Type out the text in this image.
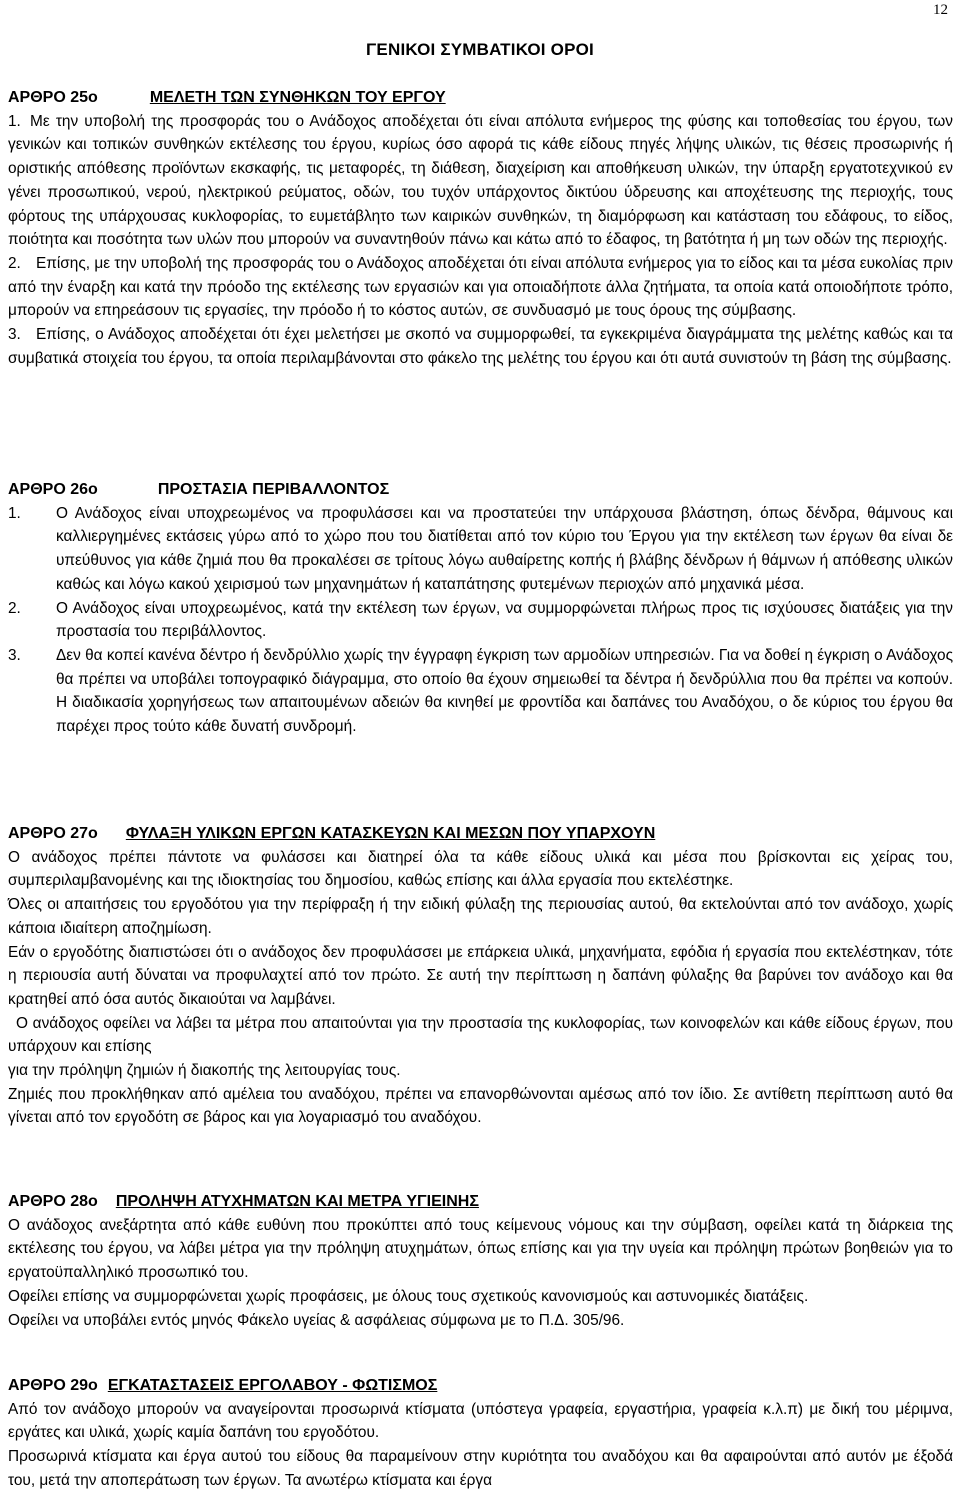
12
ΓΕΝΙΚΟΙ ΣΥΜΒΑΤΙΚΟΙ ΟΡΟΙ
ΑΡΘΡΟ 25ο	ΜΕΛΕΤΗ ΤΩΝ ΣΥΝΘΗΚΩΝ ΤΟΥ ΕΡΓΟΥ
1. Με την υποβολή της προσφοράς του ο Ανάδοχος αποδέχεται ότι είναι απόλυτα ενήμερος της φύσης και τοποθεσίας του έργου, των γενικών και τοπικών συνθηκών εκτέλεσης του έργου, κυρίως όσο αφορά τις κάθε είδους πηγές λήψης υλικών, τις θέσεις προσωρινής ή οριστικής απόθεσης προϊόντων εκσκαφής, τις μεταφορές, τη διάθεση, διαχείριση και αποθήκευση υλικών, την ύπαρξη εργατοτεχνικού εν γένει προσωπικού, νερού, ηλεκτρικού ρεύματος, οδών, του τυχόν υπάρχοντος δικτύου ύδρευσης και αποχέτευσης της περιοχής, τους φόρτους της υπάρχουσας κυκλοφορίας, το ευμετάβλητο των καιρικών συνθηκών, τη διαμόρφωση και κατάσταση του εδάφους, το είδος, ποιότητα και ποσότητα των υλών που μπορούν να συναντηθούν πάνω και κάτω από το έδαφος, τη βατότητα ή μη των οδών της περιοχής.
2. Επίσης, με την υποβολή της προσφοράς του ο Ανάδοχος αποδέχεται ότι είναι απόλυτα ενήμερος για το είδος και τα μέσα ευκολίας πριν από την έναρξη και κατά την πρόοδο της εκτέλεσης των εργασιών και για οποιαδήποτε άλλα ζητήματα, τα οποία κατά οποιοδήποτε τρόπο, μπορούν να επηρεάσουν τις εργασίες, την πρόοδο ή το κόστος αυτών, σε συνδυασμό με τους όρους της σύμβασης.
3. Επίσης, ο Ανάδοχος αποδέχεται ότι έχει μελετήσει με σκοπό να συμμορφωθεί, τα εγκεκριμένα διαγράμματα της μελέτης καθώς και τα συμβατικά στοιχεία του έργου, τα οποία περιλαμβάνονται στο φάκελο της μελέτης του έργου και ότι αυτά συνιστούν τη βάση της σύμβασης.
ΑΡΘΡΟ 26ο	ΠΡΟΣΤΑΣΙΑ ΠΕΡΙΒΑΛΛΟΝΤΟΣ
1.	Ο Ανάδοχος είναι υποχρεωμένος να προφυλάσσει και να προστατεύει την υπάρχουσα βλάστηση, όπως δένδρα, θάμνους και καλλιεργημένες εκτάσεις γύρω από το χώρο που του διατίθεται από τον κύριο του Έργου για την εκτέλεση των έργων θα είναι δε υπεύθυνος για κάθε ζημιά που θα προκαλέσει σε τρίτους λόγω αυθαίρετης κοπής ή βλάβης δένδρων ή θάμνων ή απόθεσης υλικών καθώς και λόγω κακού χειρισμού των μηχανημάτων ή καταπάτησης φυτεμένων περιοχών από μηχανικά μέσα.
2.	Ο Ανάδοχος είναι υποχρεωμένος, κατά την εκτέλεση των έργων, να συμμορφώνεται πλήρως προς τις ισχύουσες διατάξεις για την προστασία του περιβάλλοντος.
3.	Δεν θα κοπεί κανένα δέντρο ή δενδρύλλιο χωρίς την έγγραφη έγκριση των αρμοδίων υπηρεσιών. Για να δοθεί η έγκριση ο Ανάδοχος θα πρέπει να υποβάλει τοπογραφικό διάγραμμα, στο οποίο θα έχουν σημειωθεί τα δέντρα ή δενδρύλλια που θα πρέπει να κοπούν. Η διαδικασία χορηγήσεως των απαιτουμένων αδειών θα κινηθεί με φροντίδα και δαπάνες του Αναδόχου, ο δε κύριος του έργου θα παρέχει προς τούτο κάθε δυνατή συνδρομή.
ΑΡΘΡΟ 27ο ΦΥΛΑΞΗ ΥΛΙΚΩΝ ΕΡΓΩΝ ΚΑΤΑΣΚΕΥΩΝ ΚΑΙ ΜΕΣΩΝ ΠΟΥ ΥΠΑΡΧΟΥΝ

Ο ανάδοχος πρέπει πάντοτε να φυλάσσει και διατηρεί όλα τα κάθε είδους υλικά και μέσα που βρίσκονται εις χείρας του, συμπεριλαμβανομένης και της ιδιοκτησίας του δημοσίου, καθώς επίσης και άλλα εργασία που εκτελέστηκε.

Όλες οι απαιτήσεις του εργοδότου για την περίφραξη ή την ειδική φύλαξη της περιουσίας αυτού, θα εκτελούνται από τον ανάδοχο, χωρίς κάποια ιδιαίτερη αποζημίωση.

Εάν ο εργοδότης διαπιστώσει ότι ο ανάδοχος δεν προφυλάσσει με επάρκεια υλικά, μηχανήματα, εφόδια ή εργασία που εκτελέστηκαν, τότε η περιουσία αυτή δύναται να προφυλαχτεί από τον πρώτο. Σε αυτή την περίπτωση η δαπάνη φύλαξης θα βαρύνει τον ανάδοχο και θα κρατηθεί από όσα αυτός δικαιούται να λαμβάνει.

Ο ανάδοχος οφείλει να λάβει τα μέτρα που απαιτούνται για την προστασία της κυκλοφορίας, των κοινοφελών και κάθε είδους έργων, που υπάρχουν και επίσης

για την πρόληψη ζημιών ή διακοπής της λειτουργίας τους.

Ζημιές που προκλήθηκαν από αμέλεια του αναδόχου, πρέπει να επανορθώνονται αμέσως από τον ίδιο. Σε αντίθετη περίπτωση αυτό θα γίνεται από τον εργοδότη σε βάρος και για λογαριασμό του αναδόχου.

ΑΡΘΡΟ 28ο ΠΡΟΛΗΨΗ ΑΤΥΧΗΜΑΤΩΝ ΚΑΙ ΜΕΤΡΑ ΥΓΙΕΙΝΗΣ

Ο ανάδοχος ανεξάρτητα από κάθε ευθύνη που προκύπτει από τους κείμενους νόμους και την σύμβαση, οφείλει κατά τη διάρκεια της εκτέλεσης του έργου, να λάβει μέτρα για την πρόληψη ατυχημάτων, όπως επίσης και για την υγεία και πρόληψη πρώτων βοηθειών για το εργατοϋπαλληλικό προσωπικό του.

Οφείλει επίσης να συμμορφώνεται χωρίς προφάσεις, με όλους τους σχετικούς κανονισμούς και αστυνομικές διατάξεις.

Οφείλει να υποβάλει εντός μηνός Φάκελο υγείας & ασφάλειας σύμφωνα με το Π.Δ. 305/96.

ΑΡΘΡΟ 29ο ΕΓΚΑΤΑΣΤΑΣΕΙΣ ΕΡΓΟΛΑΒΟΥ - ΦΩΤΙΣΜΟΣ

Από τον ανάδοχο μπορούν να αναγείρονται προσωρινά κτίσματα (υπόστεγα γραφεία, εργαστήρια, γραφεία κ.λ.π) με δική του μέριμνα, εργάτες και υλικά, χωρίς καμία δαπάνη του εργοδότου.

Προσωρινά κτίσματα και έργα αυτού του είδους θα παραμείνουν στην κυριότητα του αναδόχου και θα αφαιρούνται από αυτόν με έξοδά του, μετά την αποπεράτωση των έργων. Τα ανωτέρω κτίσματα και έργα
